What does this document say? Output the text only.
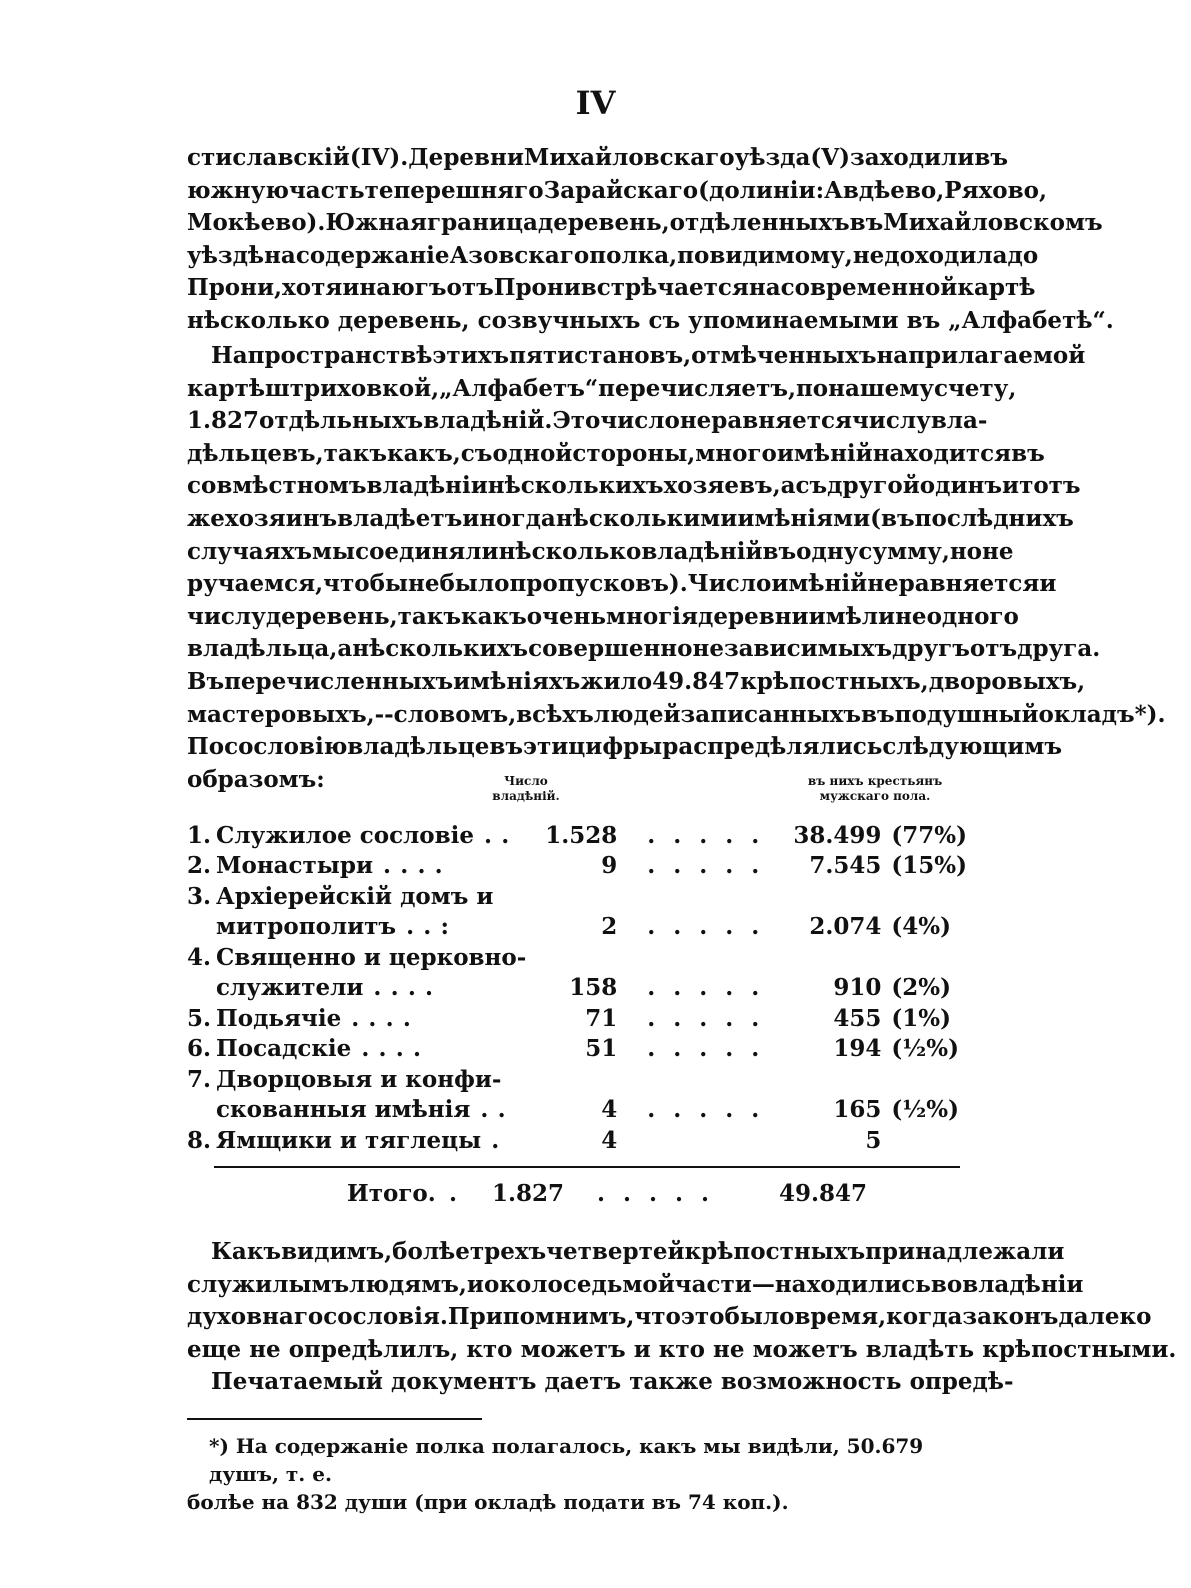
IV
стиславскій (IV). Деревни Михайловскаго уѣзда (V) заходили въ
южную часть теперешняго Зарайскаго (до линіи: Авдѣево, Ряхово,
Мокѣево). Южная граница деревень, отдѣленныхъ въ Михайловскомъ
уѣздѣ на содержаніе Азовскаго полка, повидимому, не доходила до
Прони, хотя и на югъ отъ Прони встрѣчается на современной картѣ
нѣсколько деревень, созвучныхъ съ упоминаемыми въ „Алфабетѣ“.
На пространствѣ этихъ пяти становъ, отмѣченныхъ на прилагаемой
картѣ штриховкой, „Алфабетъ“ перечисляетъ, по нашему счету,
1.827 отдѣльныхъ владѣній. Это число не равняется числу вла-
дѣльцевъ, такъ какъ, съ одной стороны, много имѣній находится въ
совмѣстномъ владѣніи нѣсколькихъ хозяевъ, а съ другой одинъ и тотъ
же хозяинъ владѣетъ иногда нѣсколькими имѣніями (въ послѣднихъ
случаяхъ мы соединяли нѣсколько владѣній въ одну сумму, но не
ручаемся, чтобы не было пропусковъ). Число имѣній не равняется и
числу деревень, такъ какъ очень многія деревни имѣли не одного
владѣльца, а нѣсколькихъ совершенно независимыхъ другъ отъ друга.
Въ перечисленныхъ имѣніяхъ жило 49.847 крѣпостныхъ, дворовыхъ,
мастеровыхъ,--словомъ, всѣхъ людей записанныхъ въ подушный окладъ *).
По сословію владѣльцевъ эти цифры распредѣлялись слѣдующимъ
образомъ:	Число
владѣній.
въ нихъ крестьянъ
мужскаго пола.
1.	Служилое сословіе . .	1.528	.....	38.499	(77%)
2.	Монастыри . . . .	9	.....	7.545	(15%)
3.	Архіерейскій домъ и				
	митрополитъ . . :	2	.....	2.074	(4%)
4.	Священно и церковно-				
	служители . . . .	158	.....	910	(2%)
5.	Подьячіе . . . .	71	.....	455	(1%)
6.	Посадскіе . . . .	51	.....	194	(½%)
7.	Дворцовыя и конфи-				
	скованныя имѣнія . .	4	.....	165	(½%)
8.	Ямщики и тяглецы .	4		5	
Итого. . 1.827 ..... 49.847
Какъ видимъ, болѣе трехъ четвертей крѣпостныхъ принадлежали
служилымъ людямъ, и около седьмой части—находились во владѣніи
духовнаго сословія. Припомнимъ, что это было время, когда законъ далеко
еще не опредѣлилъ, кто можетъ и кто не можетъ владѣть крѣпостными.
Печатаемый документъ даетъ также возможность опредѣ-
*) На содержаніе полка полагалось, какъ мы видѣли, 50.679 душъ, т. е.
болѣе на 832 души (при окладѣ подати въ 74 коп.).
